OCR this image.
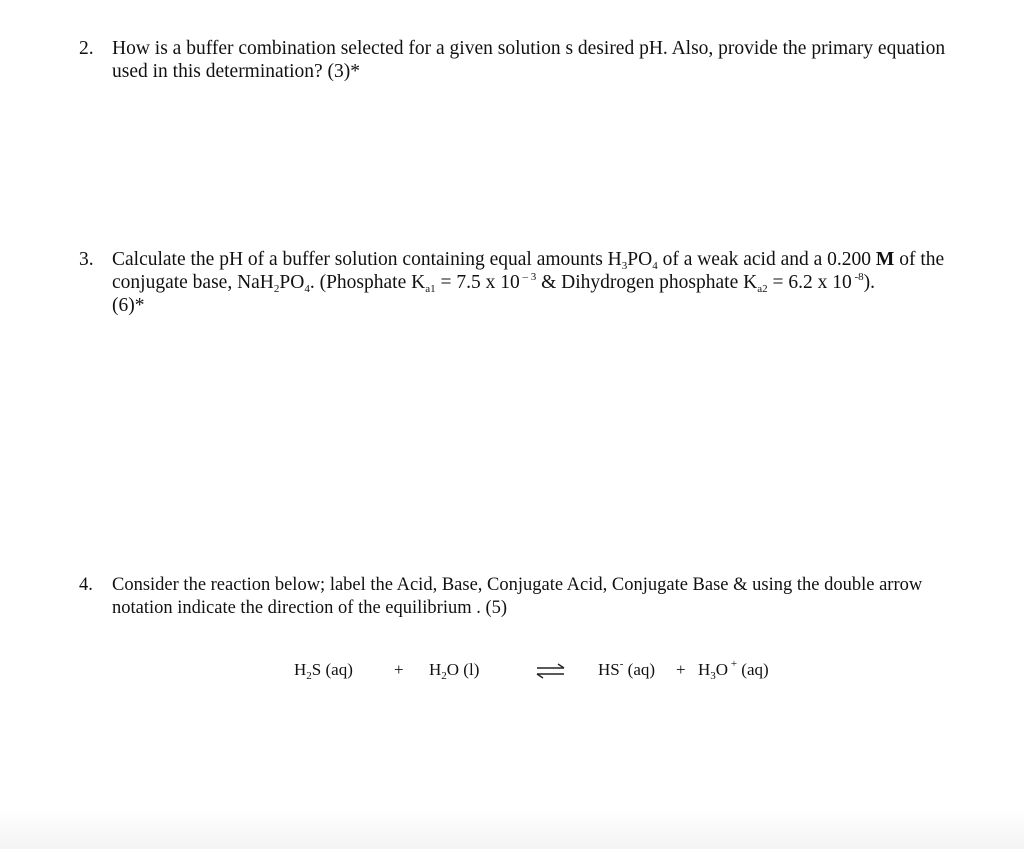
2. How is a buffer combination selected for a given solution s desired pH. Also, provide the primary equation used in this determination? (3)*
3. Calculate the pH of a buffer solution containing equal amounts $H_3PO_4$ of a weak acid and a 0.200 M of the conjugate base, $NaH_2PO_4$. (Phosphate $K_{a1} = 7.5$ x 10 $^{- 3}$ & Dihydrogen phosphate $K_{a2} = 6.2$ x 10 $^{-8}$).
(6)*
4. Consider the reaction below; label the Acid, Base, Conjugate Acid, Conjugate Base & using the double arrow notation indicate the direction of the equilibrium . (5)
$H_2S$ $(aq) + H_2O$ (l)	HS- $(aq) + H_3O$ + (aq)
